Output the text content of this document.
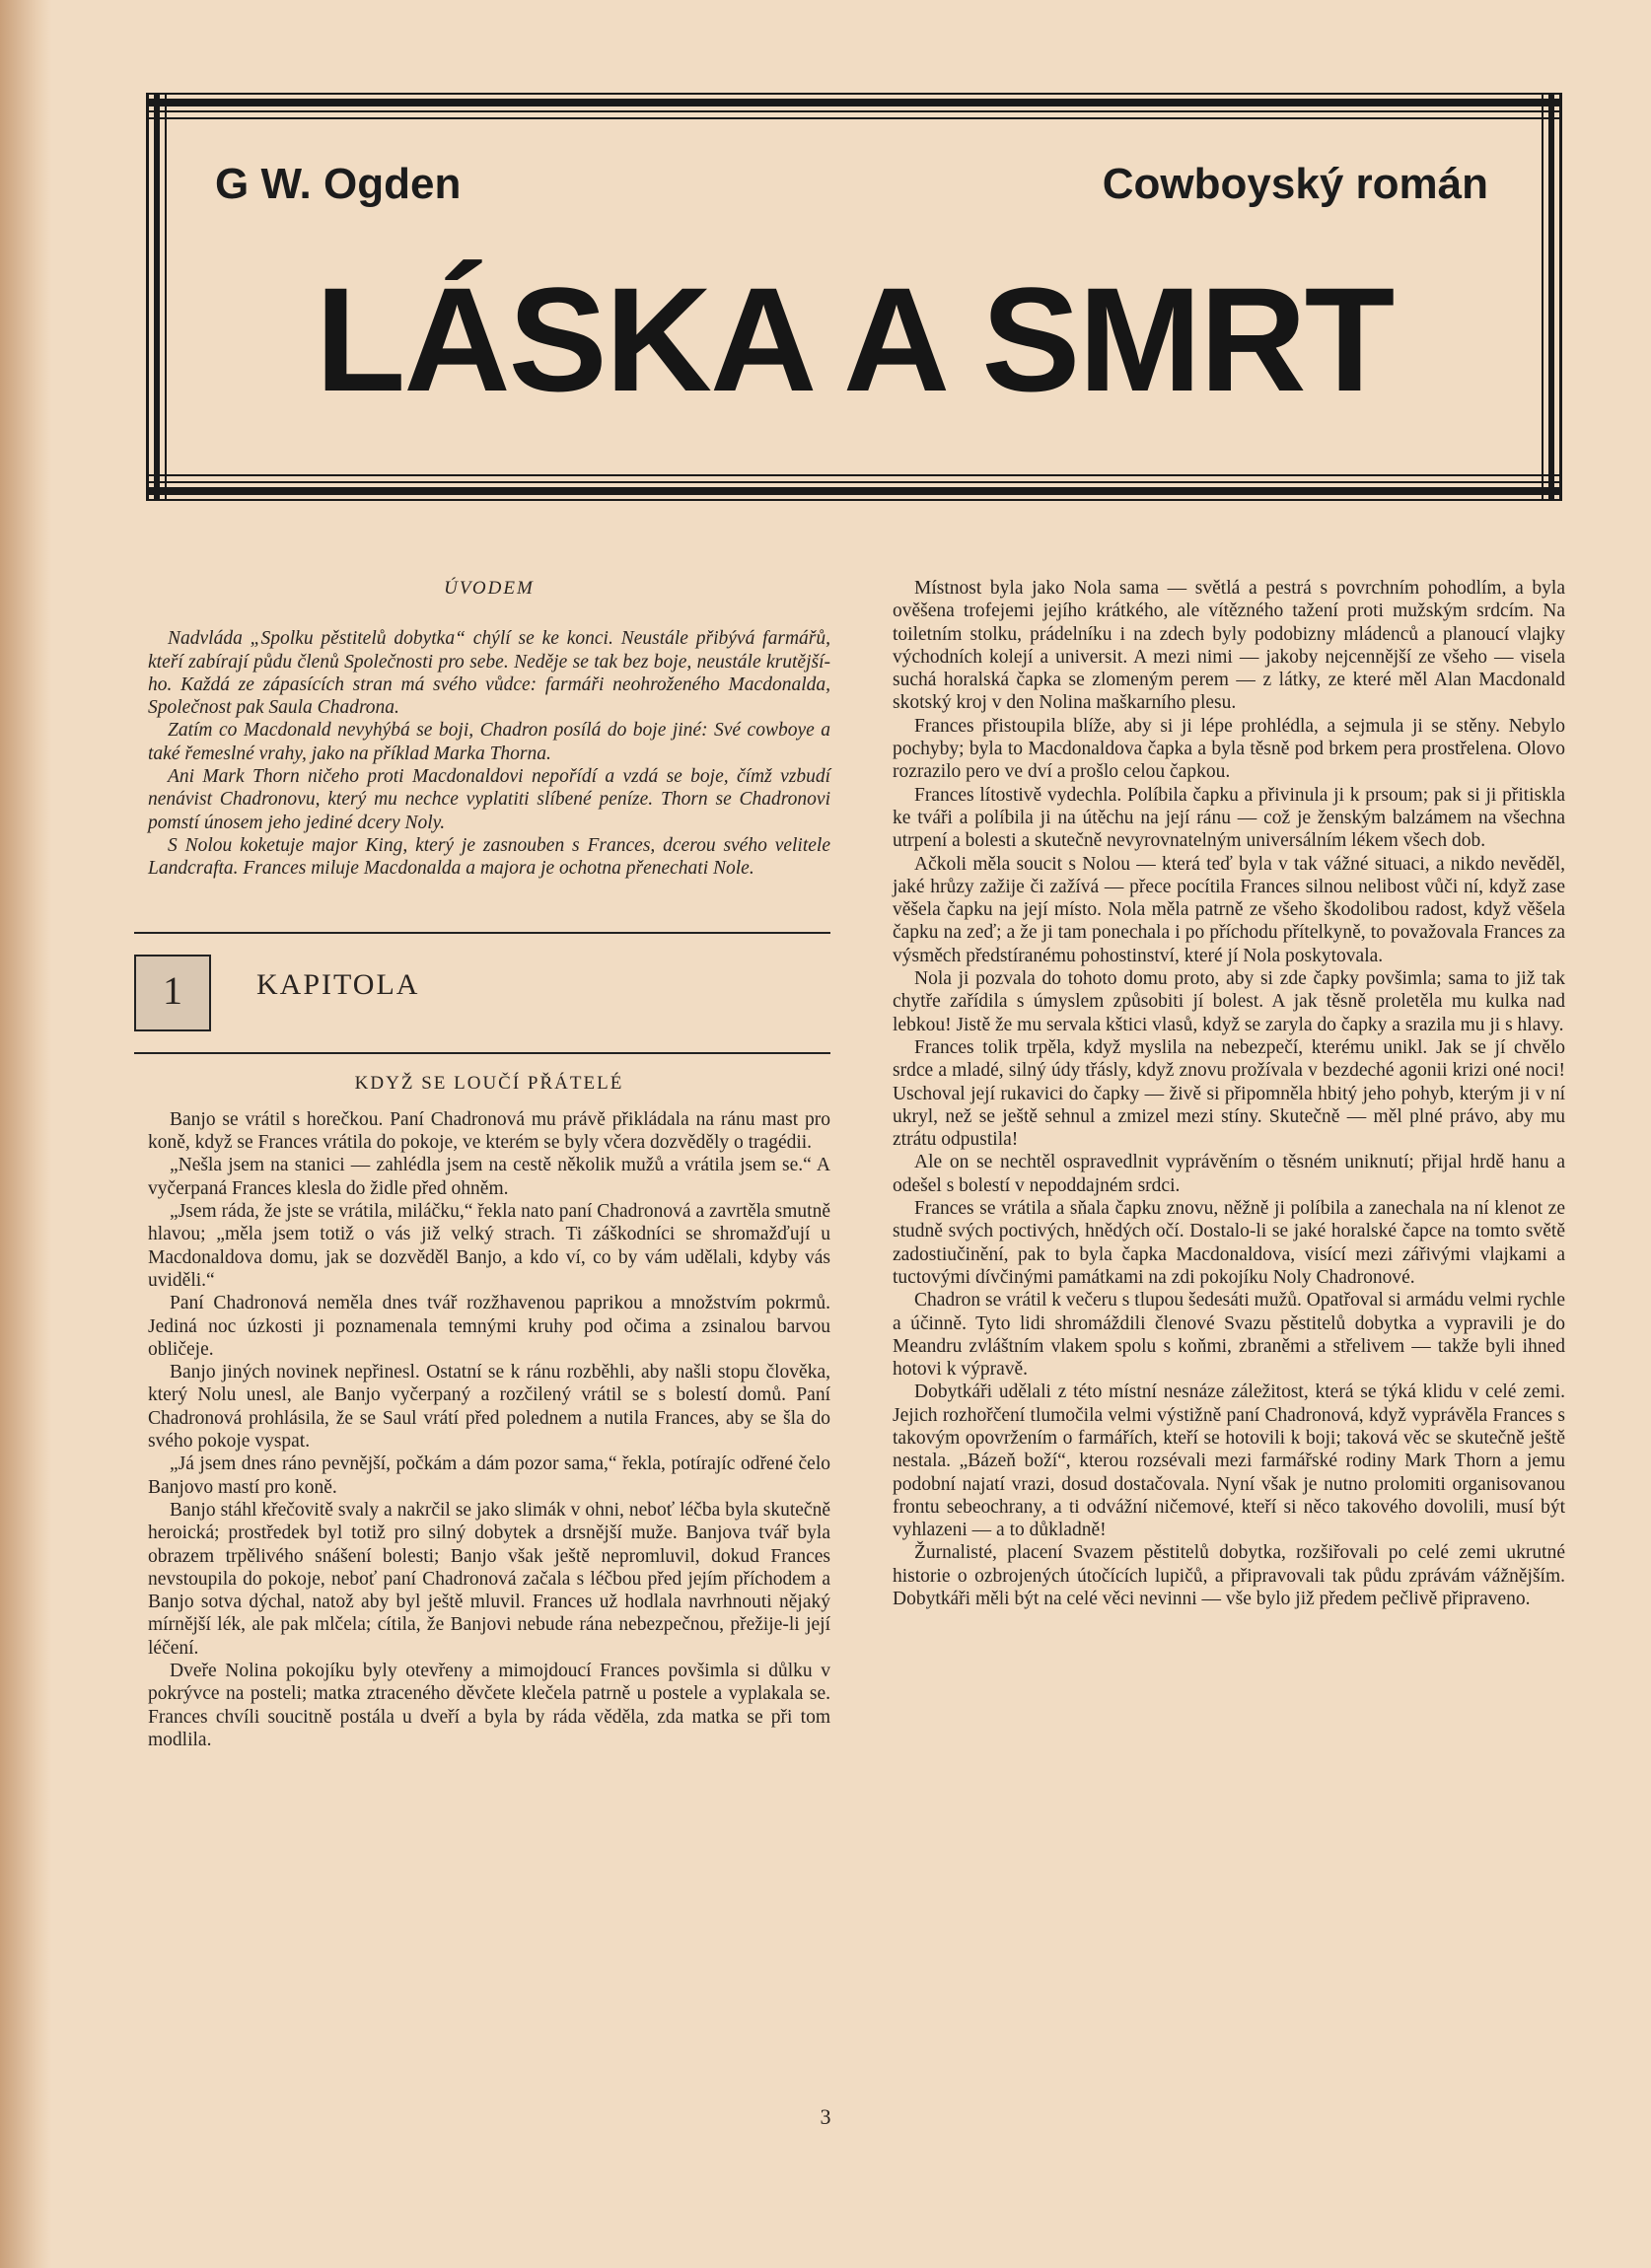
G W. Ogden	Cowboyský román
LÁSKA A SMRT
ÚVODEM

Nadvláda „Spolku pěstitelů dobytka“ chýlí se ke konci. Neustále přibývá farmářů, kteří zabírají půdu členů Společnosti pro sebe. Neděje se tak bez boje, neustále krutější-ho. Každá ze zápasících stran má svého vůdce: farmáři neohroženého Macdonalda, Společnost pak Saula Chadrona.

Zatím co Macdonald nevyhýbá se boji, Chadron posílá do boje jiné: Své cowboye a také řemeslné vrahy, jako na příklad Marka Thorna.

Ani Mark Thorn ničeho proti Macdonaldovi nepořídí a vzdá se boje, čímž vzbudí nenávist Chadronovu, který mu nechce vyplatiti slíbené peníze. Thorn se Chadronovi pomstí únosem jeho jediné dcery Noly.

S Nolou koketuje major King, který je zasnouben s Frances, dcerou svého velitele Landcrafta. Frances miluje Macdonalda a majora je ochotna přenechati Nole.

1	KAPITOLA
KDYŽ SE LOUČÍ PŘÁTELÉ

Banjo se vrátil s horečkou. Paní Chadronová mu právě přikládala na ránu mast pro koně, když se Frances vrátila do pokoje, ve kterém se byly včera dozvěděly o tragédii.

„Nešla jsem na stanici — zahlédla jsem na cestě několik mužů a vrátila jsem se.“ A vyčerpaná Frances klesla do židle před ohněm.

„Jsem ráda, že jste se vrátila, miláčku,“ řekla nato paní Chadronová a zavrtěla smutně hlavou; „měla jsem totiž o vás již velký strach. Ti záškodníci se shromažďují u Macdonaldova domu, jak se dozvěděl Banjo, a kdo ví, co by vám udělali, kdyby vás uviděli.“

Paní Chadronová neměla dnes tvář rozžhavenou paprikou a množstvím pokrmů. Jediná noc úzkosti ji poznamenala temnými kruhy pod očima a zsinalou barvou obličeje.

Banjo jiných novinek nepřinesl. Ostatní se k ránu rozběhli, aby našli stopu člověka, který Nolu unesl, ale Banjo vyčerpaný a rozčilený vrátil se s bolestí domů. Paní Chadronová prohlásila, že se Saul vrátí před polednem a nutila Frances, aby se šla do svého pokoje vyspat.

„Já jsem dnes ráno pevnější, počkám a dám pozor sama,“ řekla, potírajíc odřené čelo Banjovo mastí pro koně.

Banjo stáhl křečovitě svaly a nakrčil se jako slimák v ohni, neboť léčba byla skutečně heroická; prostředek byl totiž pro silný dobytek a drsnější muže. Banjova tvář byla obrazem trpělivého snášení bolesti; Banjo však ještě nepromluvil, dokud Frances nevstoupila do pokoje, neboť paní Chadronová začala s léčbou před jejím příchodem a Banjo sotva dýchal, natož aby byl ještě mluvil. Frances už hodlala navrhnouti nějaký mírnější lék, ale pak mlčela; cítila, že Banjovi nebude rána nebezpečnou, přežije-li její léčení.

Dveře Nolina pokojíku byly otevřeny a mimojdoucí Frances povšimla si důlku v pokrývce na posteli; matka ztraceného děvčete klečela patrně u postele a vyplakala se. Frances chvíli soucitně postála u dveří a byla by ráda věděla, zda matka se při tom modlila.

Místnost byla jako Nola sama — světlá a pestrá s povrchním pohodlím, a byla ověšena trofejemi jejího krátkého, ale vítězného tažení proti mužským srdcím. Na toiletním stolku, prádelníku i na zdech byly podobizny mládenců a planoucí vlajky východních kolejí a universit. A mezi nimi — jakoby nejcennější ze všeho — visela suchá horalská čapka se zlomeným perem — z látky, ze které měl Alan Macdonald skotský kroj v den Nolina maškarního plesu.

Frances přistoupila blíže, aby si ji lépe prohlédla, a sejmula ji se stěny. Nebylo pochyby; byla to Macdonaldova čapka a byla těsně pod brkem pera prostřelena. Olovo rozrazilo pero ve dví a prošlo celou čapkou.

Frances lítostivě vydechla. Políbila čapku a přivinula ji k prsoum; pak si ji přitiskla ke tváři a políbila ji na útěchu na její ránu — což je ženským balzámem na všechna utrpení a bolesti a skutečně nevyrovnatelným universálním lékem všech dob.

Ačkoli měla soucit s Nolou — která teď byla v tak vážné situaci, a nikdo nevěděl, jaké hrůzy zažije či zažívá — přece pocítila Frances silnou nelibost vůči ní, když zase věšela čapku na její místo. Nola měla patrně ze všeho škodolibou radost, když věšela čapku na zeď; a že ji tam ponechala i po příchodu přítelkyně, to považovala Frances za výsměch předstíranému pohostinství, které jí Nola poskytovala.

Nola ji pozvala do tohoto domu proto, aby si zde čapky povšimla; sama to již tak chytře zařídila s úmyslem způsobiti jí bolest. A jak těsně proletěla mu kulka nad lebkou! Jistě že mu servala kštici vlasů, když se zaryla do čapky a srazila mu ji s hlavy.

Frances tolik trpěla, když myslila na nebezpečí, kterému unikl. Jak se jí chvělo srdce a mladé, silný údy třásly, když znovu prožívala v bezdeché agonii krizi oné noci! Uschoval její rukavici do čapky — živě si připomněla hbitý jeho pohyb, kterým ji v ní ukryl, než se ještě sehnul a zmizel mezi stíny. Skutečně — měl plné právo, aby mu ztrátu odpustila!

Ale on se nechtěl ospravedlnit vyprávěním o těsném uniknutí; přijal hrdě hanu a odešel s bolestí v nepoddajném srdci.

Frances se vrátila a sňala čapku znovu, něžně ji políbila a zanechala na ní klenot ze studně svých poctivých, hnědých očí. Dostalo-li se jaké horalské čapce na tomto světě zadostiučinění, pak to byla čapka Macdonaldova, visící mezi zářivými vlajkami a tuctovými dívčinými památkami na zdi pokojíku Noly Chadronové.

Chadron se vrátil k večeru s tlupou šedesáti mužů. Opatřoval si armádu velmi rychle a účinně. Tyto lidi shromáždili členové Svazu pěstitelů dobytka a vypravili je do Meandru zvláštním vlakem spolu s koňmi, zbraněmi a střelivem — takže byli ihned hotovi k výpravě.

Dobytkáři udělali z této místní nesnáze záležitost, která se týká klidu v celé zemi. Jejich rozhořčení tlumočila velmi výstižně paní Chadronová, když vyprávěla Frances s takovým opovržením o farmářích, kteří se hotovili k boji; taková věc se skutečně ještě nestala. „Bázeň boží“, kterou rozsévali mezi farmářské rodiny Mark Thorn a jemu podobní najatí vrazi, dosud dostačovala. Nyní však je nutno prolomiti organisovanou frontu sebeochrany, a ti odvážní ničemové, kteří si něco takového dovolili, musí být vyhlazeni — a to důkladně!

Žurnalisté, placení Svazem pěstitelů dobytka, rozšiřovali po celé zemi ukrutné historie o ozbrojených útočících lupičů, a připravovali tak půdu zprávám vážnějším. Dobytkáři měli být na celé věci nevinni — vše bylo již předem pečlivě připraveno.

3
